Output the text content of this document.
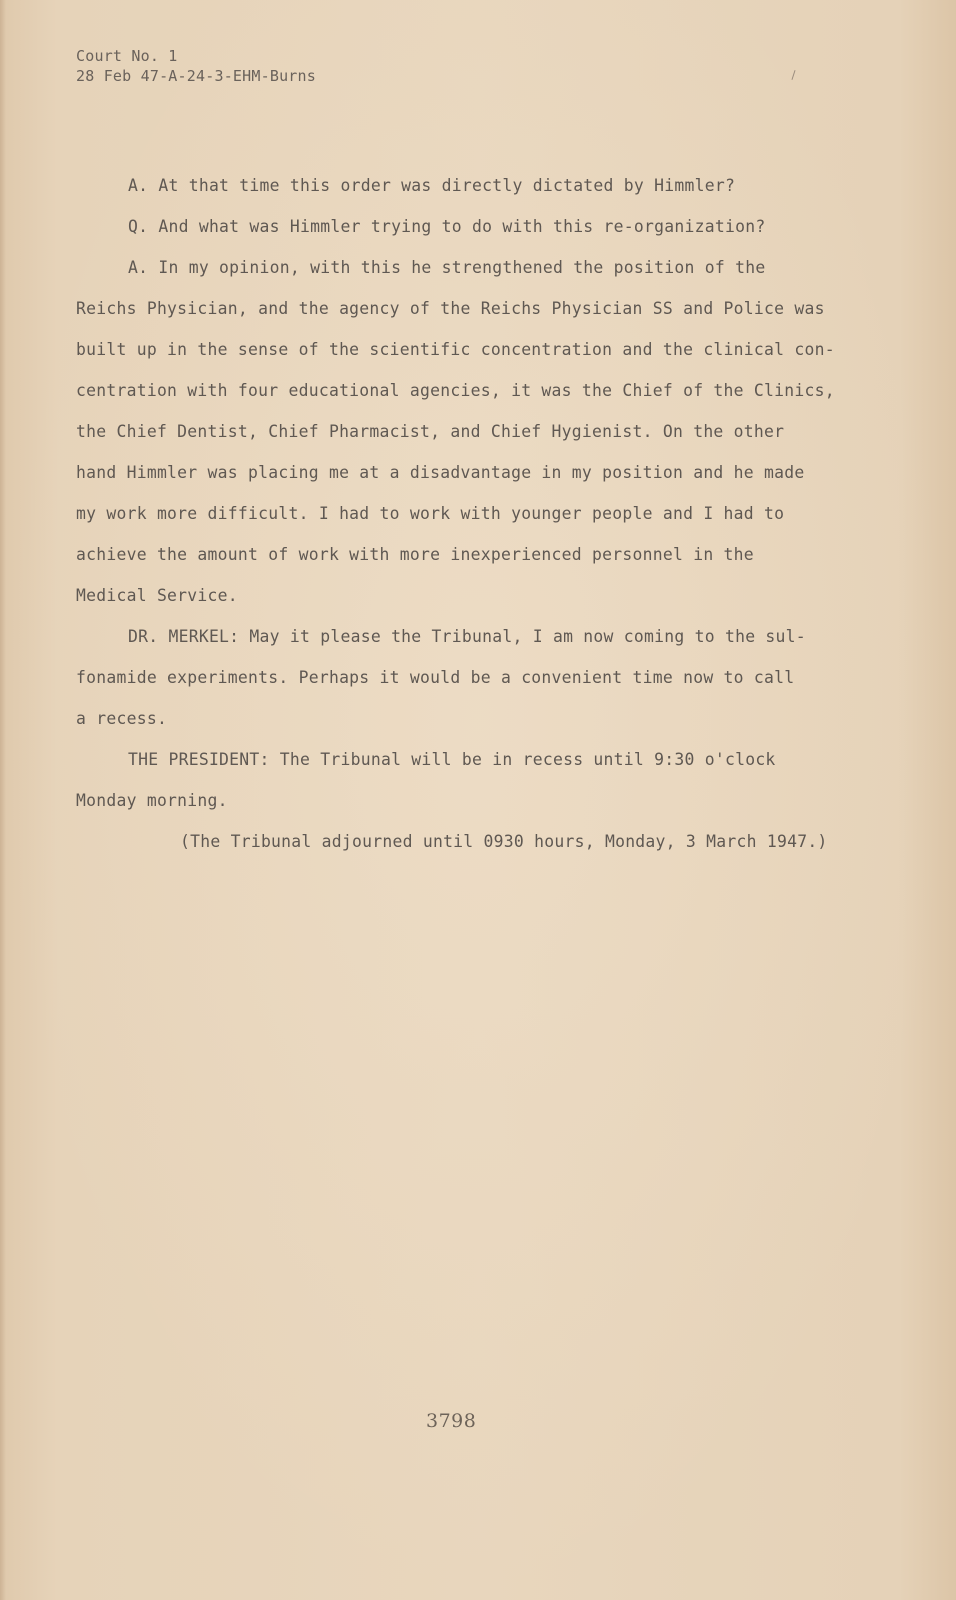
Court No. 1
28 Feb 47-A-24-3-EHM-Burns
A. At that time this order was directly dictated by Himmler?
Q. And what was Himmler trying to do with this re-organization?
A. In my opinion, with this he strengthened the position of the
Reichs Physician, and the agency of the Reichs Physician SS and Police was
built up in the sense of the scientific concentration and the clinical con-
centration with four educational agencies, it was the Chief of the Clinics,
the Chief Dentist, Chief Pharmacist, and Chief Hygienist. On the other
hand Himmler was placing me at a disadvantage in my position and he made
my work more difficult. I had to work with younger people and I had to
achieve the amount of work with more inexperienced personnel in the
Medical Service.
DR. MERKEL: May it please the Tribunal, I am now coming to the sul-
fonamide experiments. Perhaps it would be a convenient time now to call
a recess.
THE PRESIDENT: The Tribunal will be in recess until 9:30 o'clock
Monday morning.
(The Tribunal adjourned until 0930 hours, Monday, 3 March 1947.)
3798
